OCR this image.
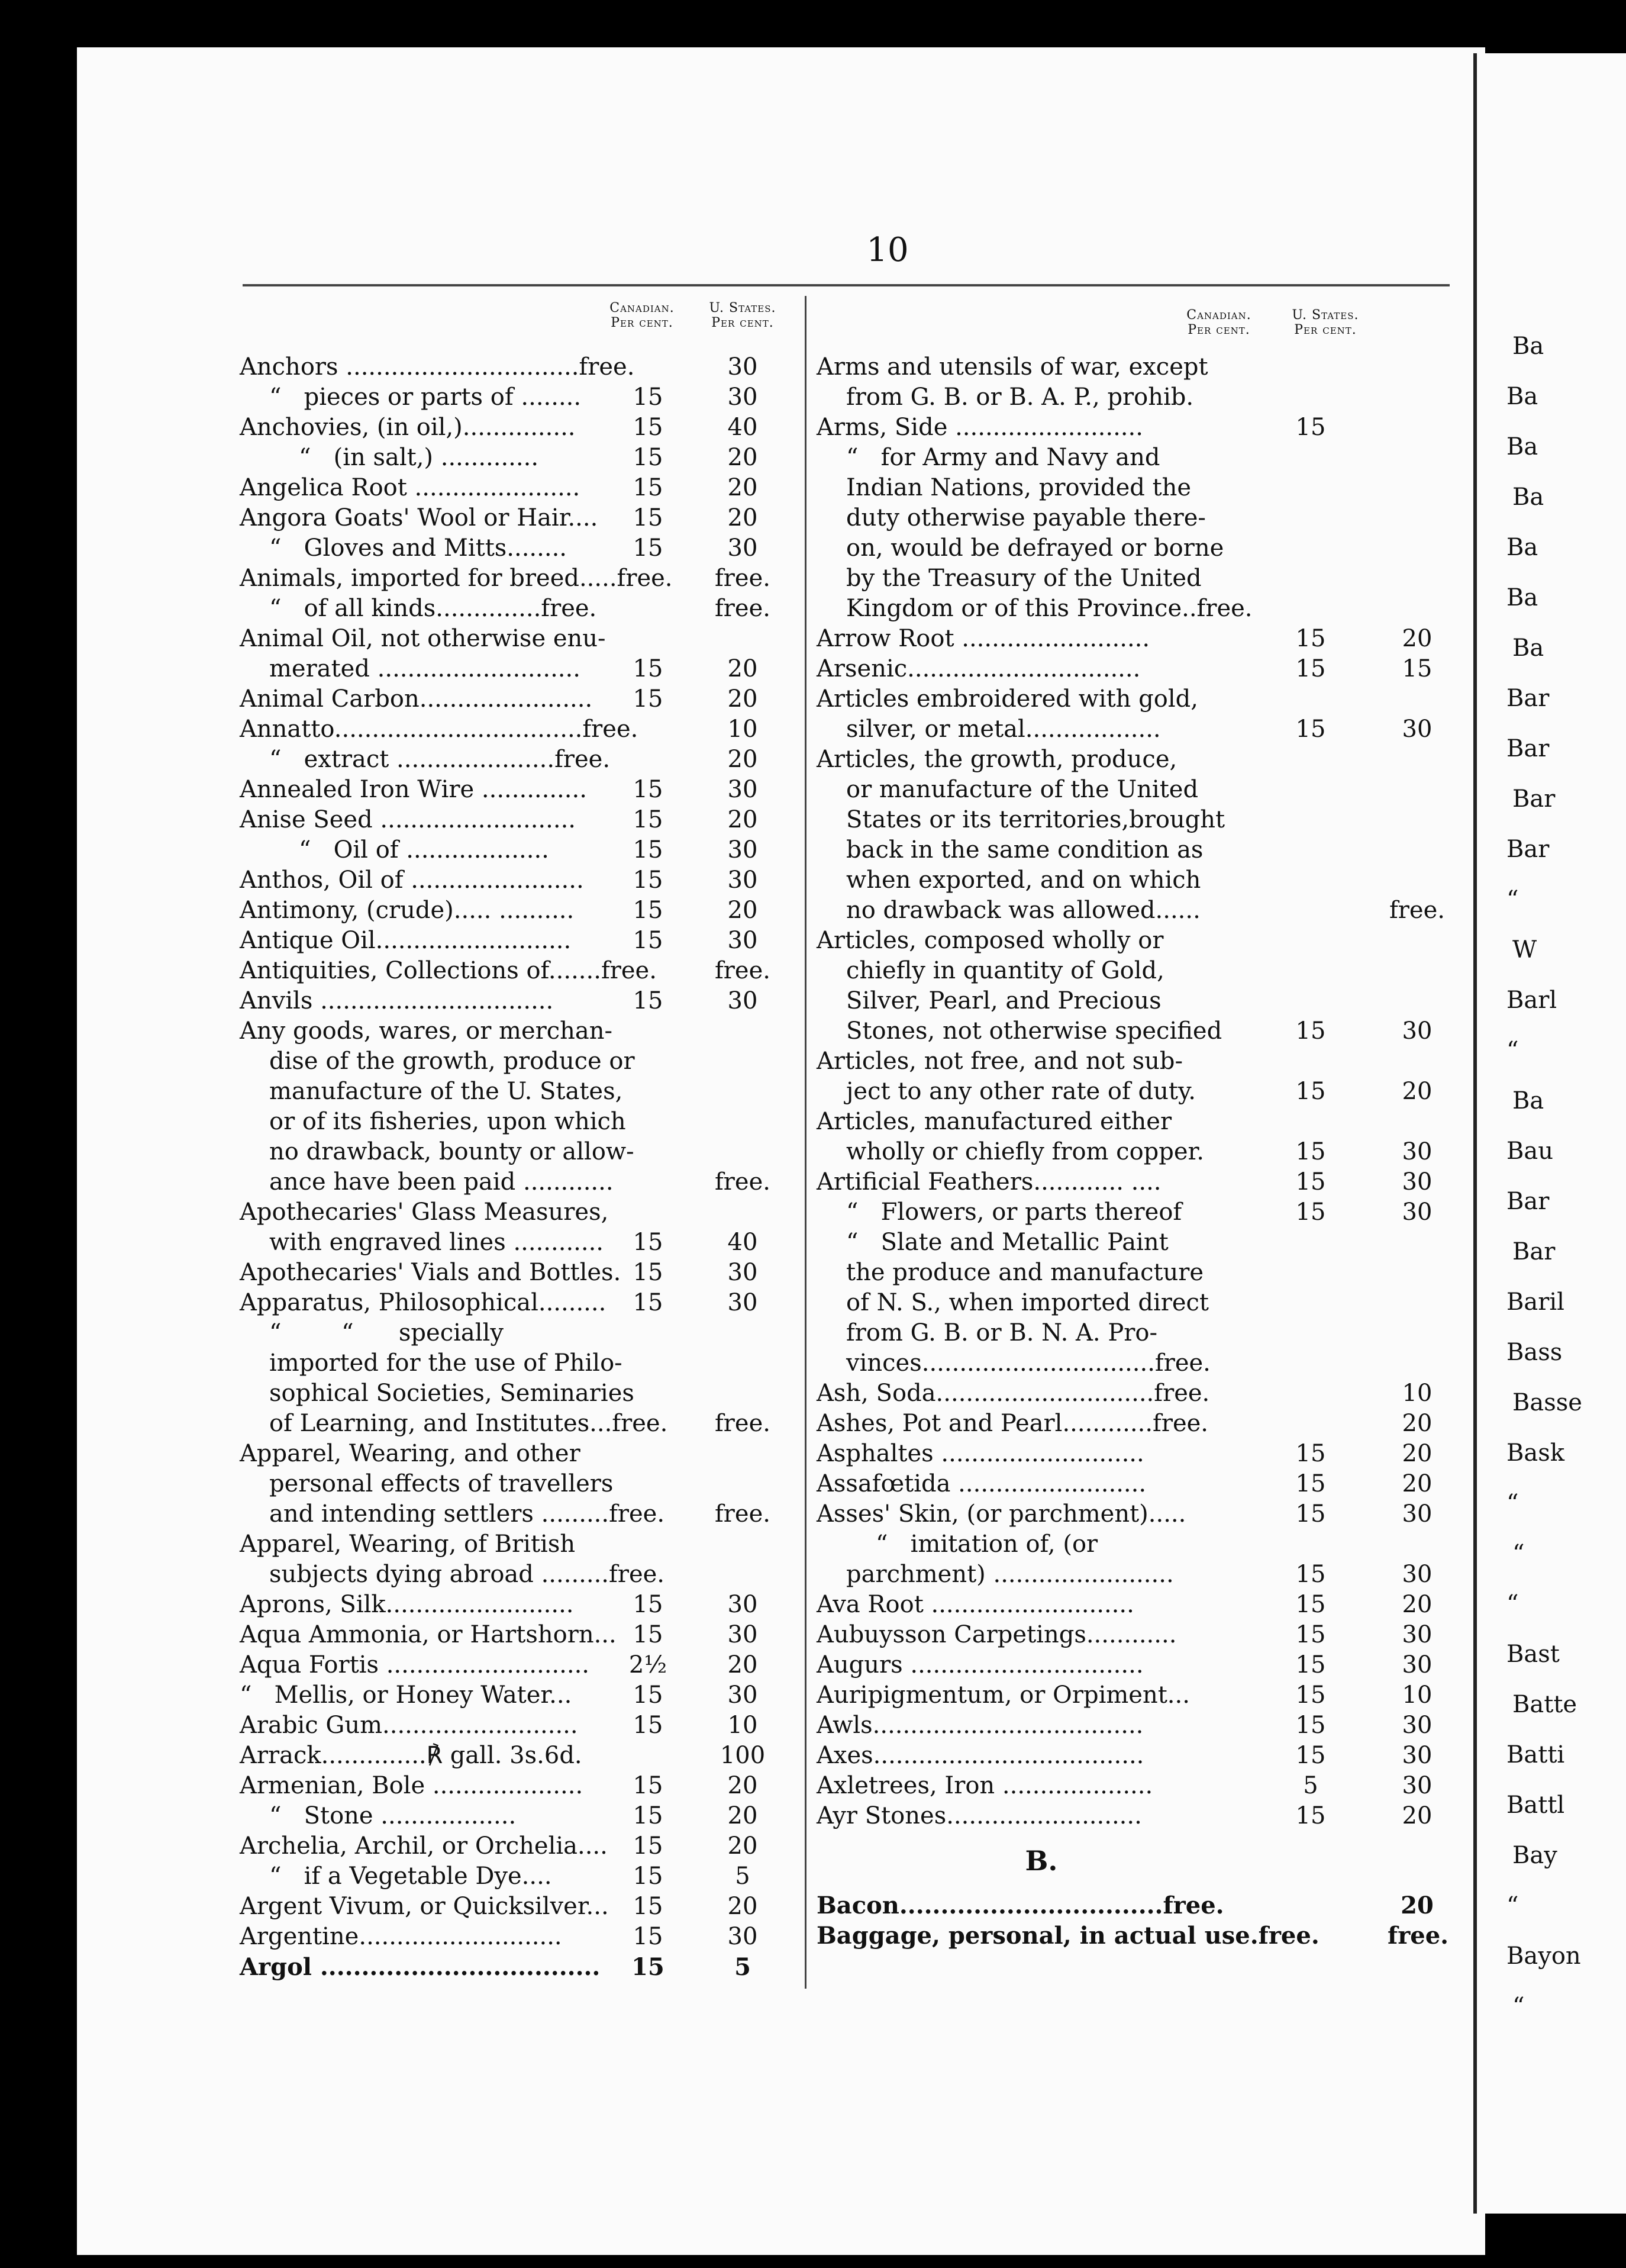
10
Canadian.
Per cent.
U. States.
Per cent.
Canadian.
Per cent.
U. States.
Per cent.
Anchors ...............................free.	30
“   pieces or parts of ........	15	30
Anchovies, (in oil,)...............	15	40
“   (in salt,) .............	15	20
Angelica Root ......................	15	20
Angora Goats' Wool or Hair....	15	20
“   Gloves and Mitts........	15	30
Animals, imported for breed.....free. free.
“   of all kinds..............free.	free.
Animal Oil, not otherwise enu-
merated ...........................	15	20
Animal Carbon.......................	15	20
Annatto.................................free.	10
“   extract .....................free.	20
Annealed Iron Wire ..............	15	30
Anise Seed ..........................	15	20
“   Oil of ...................	15	30
Anthos, Oil of .......................	15	30
Antimony, (crude)..... ..........	15	20
Antique Oil..........................	15	30
Antiquities, Collections of.......free. free.
Anvils ...............................	15	30
Any goods, wares, or merchan-
dise of the growth, produce or
manufacture of the U. States,
or of its fisheries, upon which
no drawback, bounty or allow-
ance have been paid ............	free.
Apothecaries' Glass Measures,
with engraved lines ............	15	40
Apothecaries' Vials and Bottles. 15	30
Apparatus, Philosophical.........	15	30
“        “      specially
imported for the use of Philo-
sophical Societies, Seminaries
of Learning, and Institutes...free. free.
Apparel, Wearing, and other
personal effects of travellers
and intending settlers .........free. free.
Apparel, Wearing, of British
subjects dying abroad .........free.
Aprons, Silk.........................	15	30
Aqua Ammonia, or Hartshorn... 15	30
Aqua Fortis ...........................	2½	20
“   Mellis, or Honey Water...	15	30
Arabic Gum..........................	15	10
Arrack..............℟ gall. 3s.6d.	100
Armenian, Bole ....................	15	20
“   Stone ..................	15	20
Archelia, Archil, or Orchelia....	15	20
“   if a Vegetable Dye....	15	5
Argent Vivum, or Quicksilver...	15	20
Argentine...........................	15	30
Argol ..................................	15	5
Arms and utensils of war, except
from G. B. or B. A. P., prohib.
Arms, Side .........................	15
“   for Army and Navy and
Indian Nations, provided the
duty otherwise payable there-
on, would be defrayed or borne
by the Treasury of the United
Kingdom or of this Province..free.
Arrow Root .........................	15	20
Arsenic...............................	15	15
Articles embroidered with gold,
silver, or metal..................	15	30
Articles, the growth, produce,
or manufacture of the United
States or its territories,brought
back in the same condition as
when exported, and on which
no drawback was allowed......	free.
Articles, composed wholly or
chiefly in quantity of Gold,
Silver, Pearl, and Precious
Stones, not otherwise specified	15	30
Articles, not free, and not sub-
ject to any other rate of duty.	15	20
Articles, manufactured either
wholly or chiefly from copper.	15	30
Artificial Feathers............ ....	15	30
“   Flowers, or parts thereof	15	30
“   Slate and Metallic Paint
the produce and manufacture
of N. S., when imported direct
from G. B. or B. N. A. Pro-
vinces...............................free.
Ash, Soda.............................free.	10
Ashes, Pot and Pearl............free.	20
Asphaltes ...........................	15	20
Assafœtida .........................	15	20
Asses' Skin, (or parchment).....	15	30
“   imitation of, (or
parchment) ........................	15	30
Ava Root ...........................	15	20
Aubuysson Carpetings............	15	30
Augurs ...............................	15	30
Auripigmentum, or Orpiment...	15	10
Awls....................................	15	30
Axes....................................	15	30
Axletrees, Iron ....................	5	30
Ayr Stones..........................	15	20
B.
Bacon................................free.	20
Baggage, personal, in actual use.free.	free.
Ba
Ba
Ba
Ba
Ba
Ba
Ba
Bar
Bar
Bar
Bar
“
W
Barl
“
Ba
Bau
Bar
Bar
Baril
Bass
Basse
Bask
“
“
“
Bast
Batte
Batti
Battl
Bay
“
Bayon
“
